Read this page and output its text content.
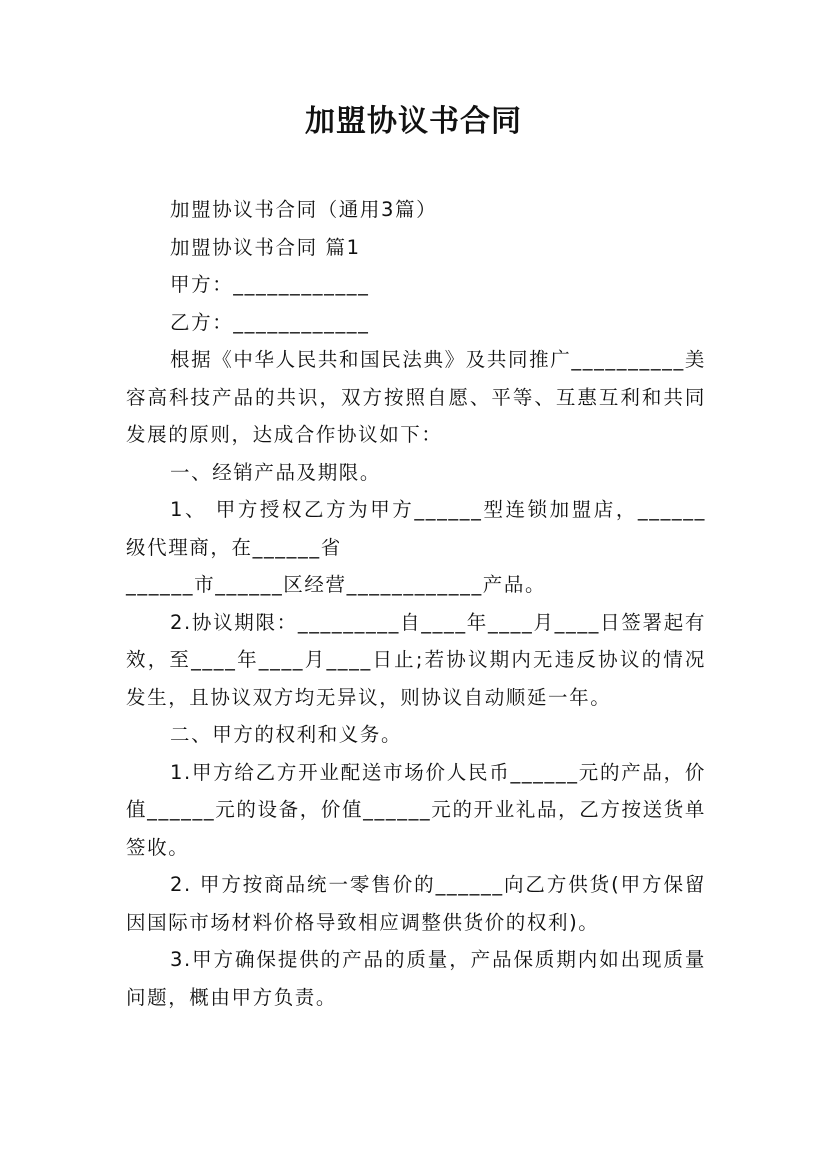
加盟协议书合同

加盟协议书合同（通用3篇）

加盟协议书合同 篇1

甲方：____________

乙方：____________

根据《中华人民共和国民法典》及共同推广__________美容高科技产品的共识，双方按照自愿、平等、互惠互利和共同发展的原则，达成合作协议如下：

一、经销产品及期限。

1、 甲方授权乙方为甲方______型连锁加盟店，______级代理商，在______省

______市______区经营____________产品。

2.协议期限：_________自____年____月____日签署起有效，至____年____月____日止;若协议期内无违反协议的情况发生，且协议双方均无异议，则协议自动顺延一年。

二、甲方的权利和义务。

1.甲方给乙方开业配送市场价人民币______元的产品，价值______元的设备，价值______元的开业礼品，乙方按送货单签收。

2. 甲方按商品统一零售价的______向乙方供货(甲方保留因国际市场材料价格导致相应调整供货价的权利)。

3.甲方确保提供的产品的质量，产品保质期内如出现质量问题，概由甲方负责。
